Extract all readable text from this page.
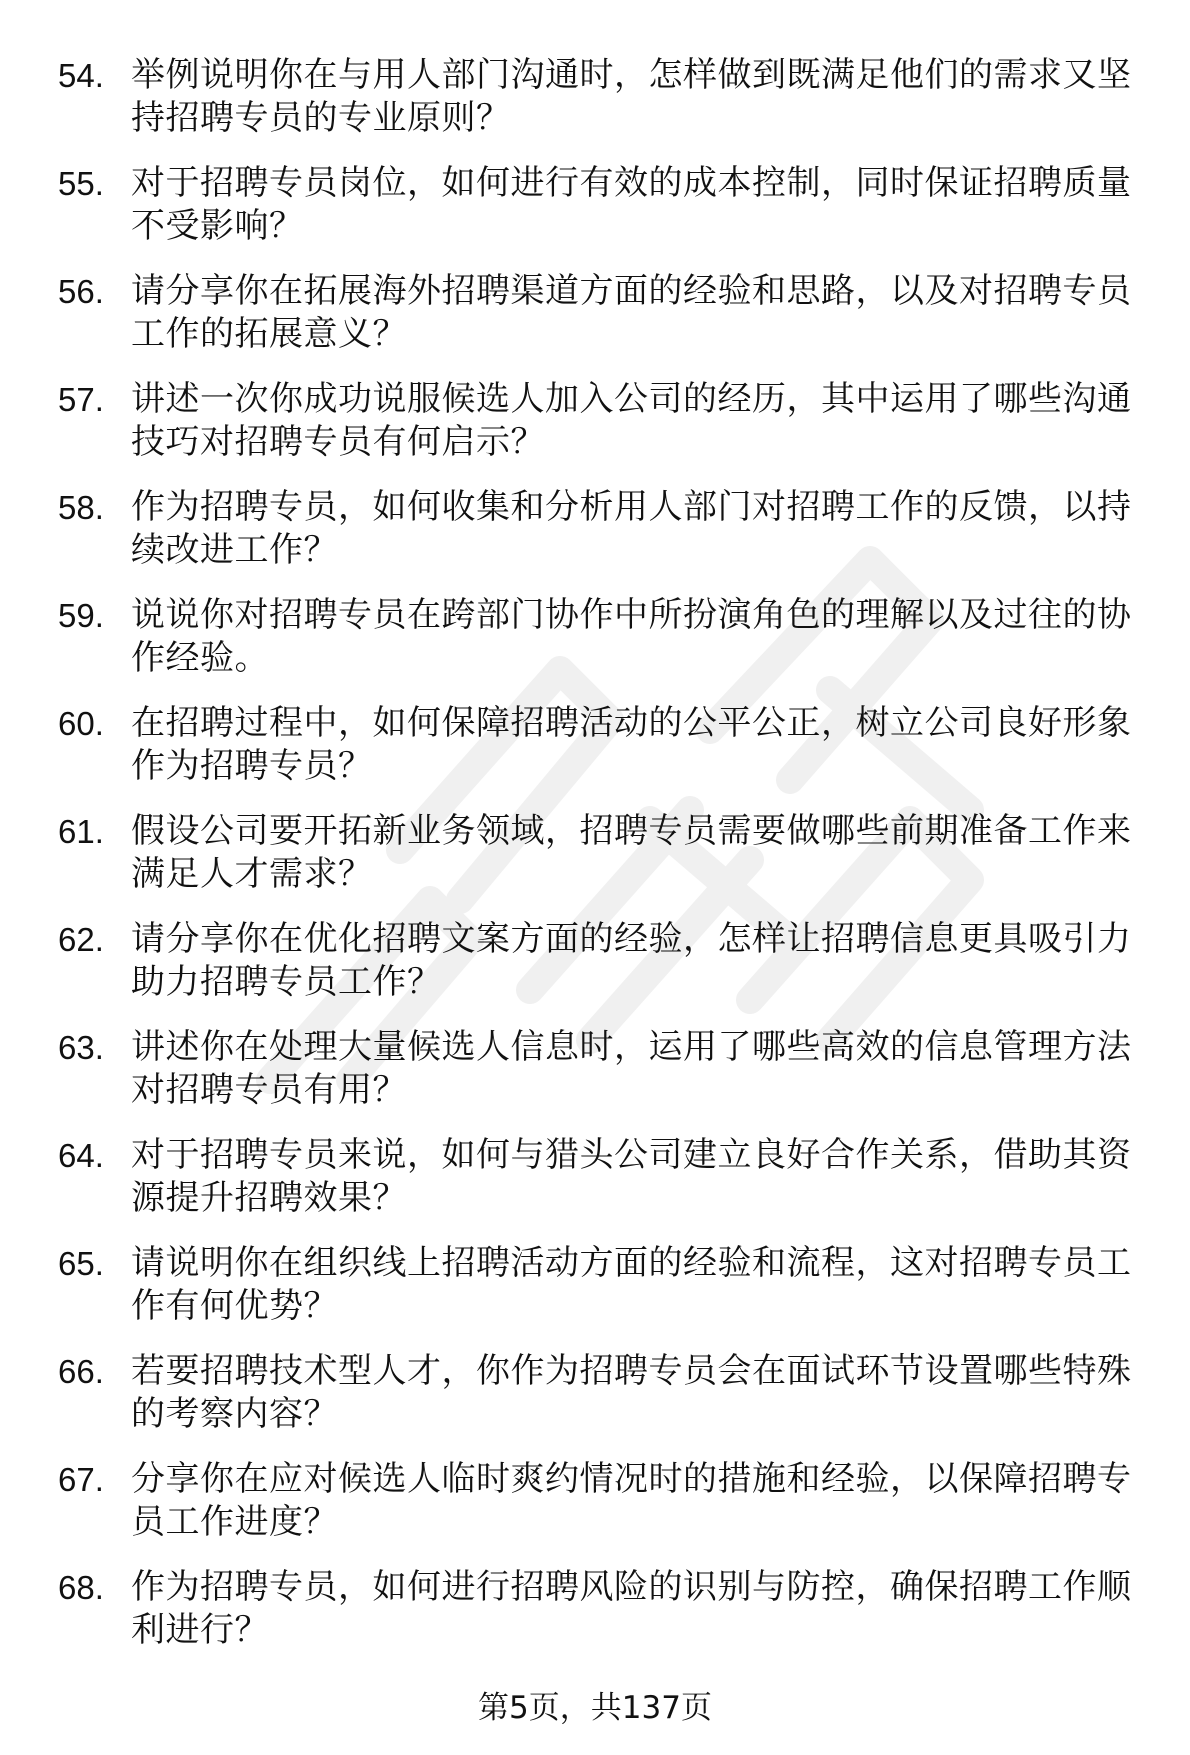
54. 举例说明你在与用人部门沟通时，怎样做到既满足他们的需求又坚持招聘专员的专业原则？
55. 对于招聘专员岗位，如何进行有效的成本控制，同时保证招聘质量不受影响？
56. 请分享你在拓展海外招聘渠道方面的经验和思路，以及对招聘专员工作的拓展意义？
57. 讲述一次你成功说服候选人加入公司的经历，其中运用了哪些沟通技巧对招聘专员有何启示？
58. 作为招聘专员，如何收集和分析用人部门对招聘工作的反馈，以持续改进工作？
59. 说说你对招聘专员在跨部门协作中所扮演角色的理解以及过往的协作经验。
60. 在招聘过程中，如何保障招聘活动的公平公正，树立公司良好形象作为招聘专员？
61. 假设公司要开拓新业务领域，招聘专员需要做哪些前期准备工作来满足人才需求？
62. 请分享你在优化招聘文案方面的经验，怎样让招聘信息更具吸引力助力招聘专员工作？
63. 讲述你在处理大量候选人信息时，运用了哪些高效的信息管理方法对招聘专员有用？
64. 对于招聘专员来说，如何与猎头公司建立良好合作关系，借助其资源提升招聘效果？
65. 请说明你在组织线上招聘活动方面的经验和流程，这对招聘专员工作有何优势？
66. 若要招聘技术型人才，你作为招聘专员会在面试环节设置哪些特殊的考察内容？
67. 分享你在应对候选人临时爽约情况时的措施和经验，以保障招聘专员工作进度？
68. 作为招聘专员，如何进行招聘风险的识别与防控，确保招聘工作顺利进行？
第5页，共137页
